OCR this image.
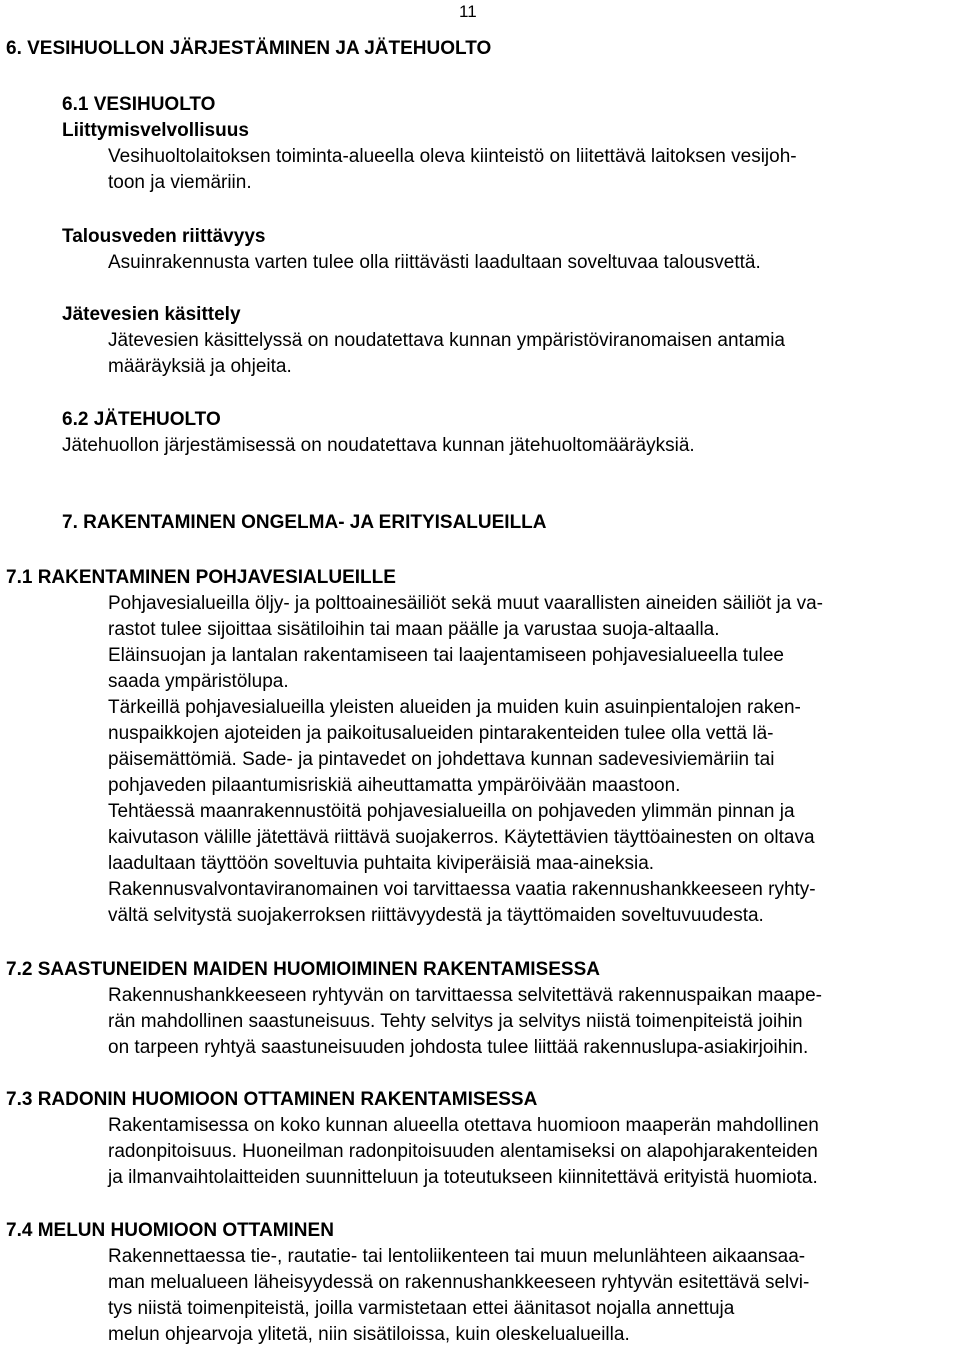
11
6. VESIHUOLLON JÄRJESTÄMINEN JA JÄTEHUOLTO
6.1 VESIHUOLTO
Liittymisvelvollisuus
Vesihuoltolaitoksen toiminta-alueella oleva kiinteistö on liitettävä laitoksen vesijoh-
toon ja viemäriin.
Talousveden riittävyys
Asuinrakennusta varten tulee olla riittävästi laadultaan soveltuvaa talousvettä.
Jätevesien käsittely
Jätevesien käsittelyssä on noudatettava kunnan ympäristöviranomaisen antamia
määräyksiä ja ohjeita.
6.2 JÄTEHUOLTO
Jätehuollon järjestämisessä on noudatettava kunnan jätehuoltomääräyksiä.
7. RAKENTAMINEN ONGELMA- JA ERITYISALUEILLA
7.1 RAKENTAMINEN POHJAVESIALUEILLE
Pohjavesialueilla öljy- ja polttoainesäiliöt sekä muut vaarallisten aineiden säiliöt ja va-
rastot tulee sijoittaa sisätiloihin tai maan päälle ja varustaa suoja-altaalla.
Eläinsuojan ja lantalan rakentamiseen tai laajentamiseen pohjavesialueella tulee
saada ympäristölupa.
Tärkeillä pohjavesialueilla yleisten alueiden ja muiden kuin asuinpientalojen raken-
nuspaikkojen ajoteiden ja paikoitusalueiden pintarakenteiden tulee olla vettä lä-
päisemättömiä. Sade- ja pintavedet on johdettava kunnan sadevesiviemäriin tai
pohjaveden pilaantumisriskiä aiheuttamatta ympäröivään maastoon.
Tehtäessä maanrakennustöitä pohjavesialueilla on pohjaveden ylimmän pinnan ja
kaivutason välille jätettävä riittävä suojakerros. Käytettävien täyttöainesten on oltava
laadultaan täyttöön soveltuvia puhtaita kiviperäisiä maa-aineksia.
Rakennusvalvontaviranomainen voi tarvittaessa vaatia rakennushankkeeseen ryhty-
vältä selvitystä suojakerroksen riittävyydestä ja täyttömaiden soveltuvuudesta.
7.2 SAASTUNEIDEN MAIDEN HUOMIOIMINEN RAKENTAMISESSA
Rakennushankkeeseen ryhtyvän on tarvittaessa selvitettävä rakennuspaikan maape-
rän mahdollinen saastuneisuus. Tehty selvitys ja selvitys niistä toimenpiteistä joihin
on tarpeen ryhtyä saastuneisuuden johdosta tulee liittää rakennuslupa-asiakirjoihin.
7.3 RADONIN HUOMIOON OTTAMINEN RAKENTAMISESSA
Rakentamisessa on koko kunnan alueella otettava huomioon maaperän mahdollinen
radonpitoisuus. Huoneilman radonpitoisuuden alentamiseksi on alapohjarakenteiden
ja ilmanvaihtolaitteiden suunnitteluun ja toteutukseen kiinnitettävä erityistä huomiota.
7.4 MELUN HUOMIOON OTTAMINEN
Rakennettaessa tie-, rautatie- tai lentoliikenteen tai muun melunlähteen aikaansaa-
man melualueen läheisyydessä on rakennushankkeeseen ryhtyvän esitettävä selvi-
tys niistä toimenpiteistä, joilla varmistetaan ettei äänitasot nojalla annettuja
melun ohjearvoja ylitetä, niin sisätiloissa, kuin oleskelualueilla.
